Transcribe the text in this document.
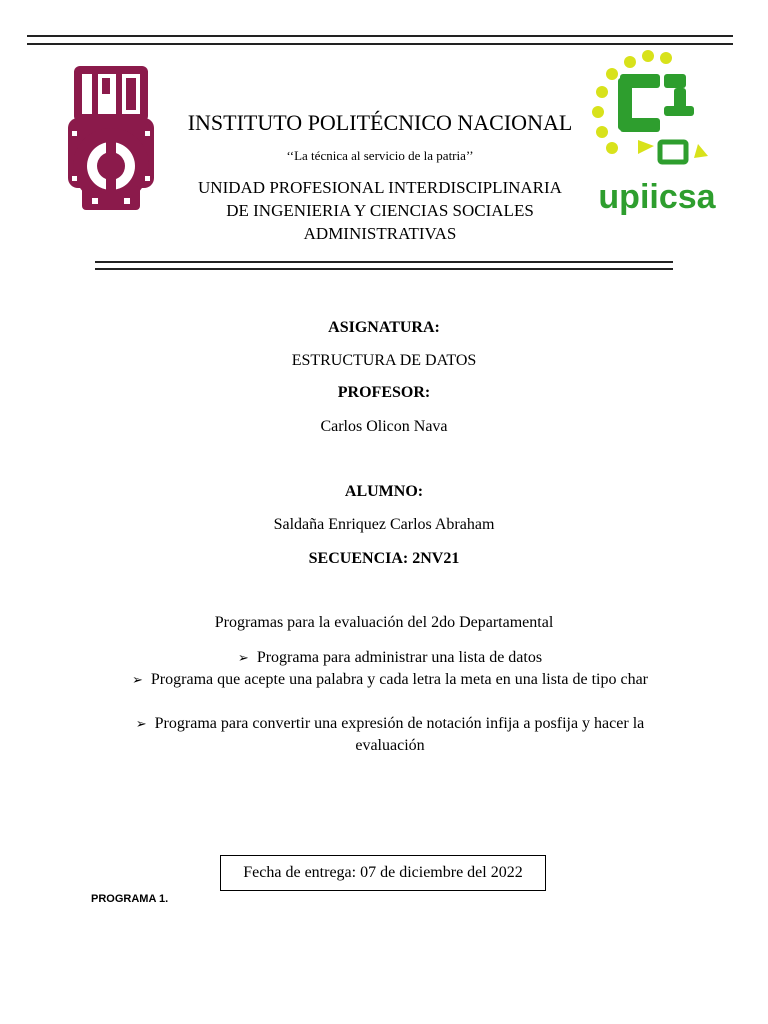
upiicsa
INSTITUTO POLITÉCNICO NACIONAL
‘‘La técnica al servicio de la patria’’
UNIDAD PROFESIONAL INTERDISCIPLINARIA
DE INGENIERIA Y CIENCIAS SOCIALES
ADMINISTRATIVAS
ASIGNATURA:
ESTRUCTURA DE DATOS
PROFESOR:
Carlos Olicon Nava
ALUMNO:
Saldaña Enriquez Carlos Abraham
SECUENCIA: 2NV21
Programas para la evaluación del 2do Departamental
➢ Programa para administrar una lista de datos
➢ Programa que acepte una palabra y cada letra la meta en una lista de tipo char
➢ Programa para convertir una expresión de notación infija a posfija y hacer la evaluación
Fecha de entrega: 07 de diciembre del 2022
PROGRAMA 1.
